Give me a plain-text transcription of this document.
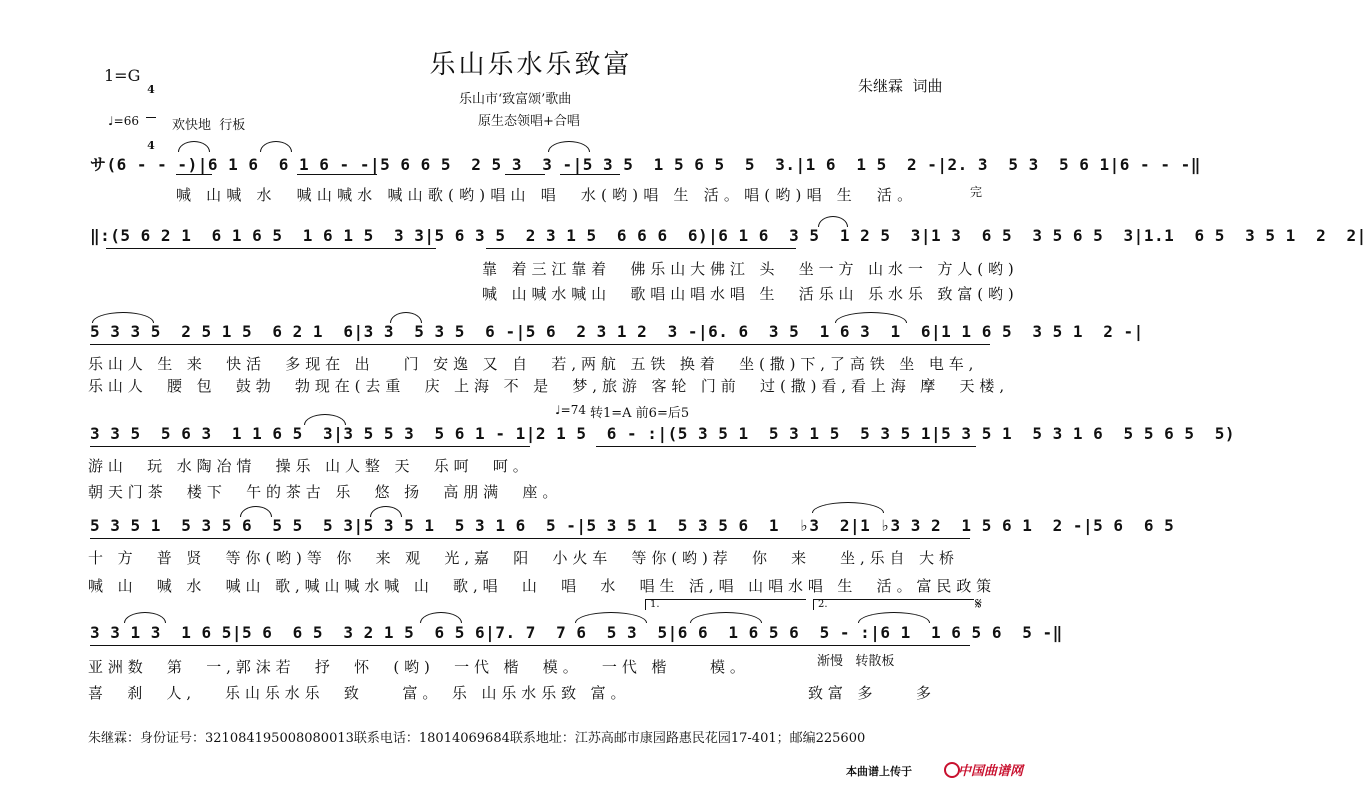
乐山乐水乐致富
1=G

4

4

乐山市‘致富颂’歌曲
原生态领唱+合唱
朱继霖  词曲
♩=66	欢快地  行板
サ(6 - - -)|6 1 6  6 1 6 - -|5 6 6 5  2 5 3  3 -|5 3 5  1 5 6 5  5  3.|1 6  1 5  2 -|2. 3  5 3  5 6 1|6 - - -‖
喊 山喊 水  喊山喊水 喊山歌(哟)唱山 唱  水(哟)唱 生 活。唱(哟)唱 生  活。	完
‖:(5 6 2 1  6 1 6 5  1 6 1 5  3 3|5 6 3 5  2 3 1 5  6 6 6  6)|6 1 6  3 5  1 2 5  3|1 3  6 5  3 5 6 5  3|1.1  6 5  3 5 1  2  2|
靠 着三江靠着  佛乐山大佛江 头  坐一方 山水一 方人(哟)
喊 山喊水喊山  歌唱山唱水唱 生  活乐山 乐水乐 致富(哟)
5 3 3 5  2 5 1 5  6 2 1  6|3 3  5 3 5  6 -|5 6  2 3 1 2  3 -|6. 6  3 5  1 6 3  1  6|1 1 6 5  3 5 1  2 -|
乐山人 生 来  快活  多现在 出   门 安逸 又 自  若,两航 五铁 换着  坐(撒)下,了高铁 坐 电车,
乐山人  腰 包  鼓勃  勃现在(去重  庆 上海 不 是  梦,旅游 客轮 门前  过(撒)看,看上海 摩  天楼,
♩=74 转1=A 前6=后5
3 3 5  5 6 3  1 1 6 5  3|3 5 5 3  5 6 1 - 1|2 1 5  6 - :|(5 3 5 1  5 3 1 5  5 3 5 1|5 3 5 1  5 3 1 6  5 5 6 5  5)
游山  玩 水陶冶情  操乐 山人整 天  乐呵  呵。
朝天门茶  楼下  午的茶古 乐  悠 扬  高朋满  座。
5 3 5 1  5 3 5 6  5 5  5 3|5 3 5 1  5 3 1 6  5 -|5 3 5 1  5 3 5 6  1  ♭3  2|1 ♭3 3 2  1 5 6 1  2 -|5 6  6 5
十 方  普 贤  等你(哟)等 你  来 观  光,嘉  阳  小火车  等你(哟)荐  你  来   坐,乐自 大桥
喊 山  喊 水  喊山 歌,喊山喊水喊 山  歌,唱  山  唱  水  唱生 活,唱 山唱水唱 生  活。富民政策
1.	2.	𝄋
3 3 1 3  1 6 5|5 6  6 5  3 2 1 5  6 5 6|7. 7  7 6  5 3  5|6 6  1 6 5 6  5 - :|6 1  1 6 5 6  5 -‖
亚洲数  第  一,郭沫若  抒  怀  (哟)  一代 楷  模。  一代 楷    模。
喜  刹  人,   乐山乐水乐  致    富。 乐 山乐水乐致 富。
渐慢   转散板
致富 多    多
朱继霖：身份证号：321084195008080013联系电话：18014069684联系地址：江苏高邮市康园路惠民花园17-401；邮编225600
本曲谱上传于	中国曲谱网
